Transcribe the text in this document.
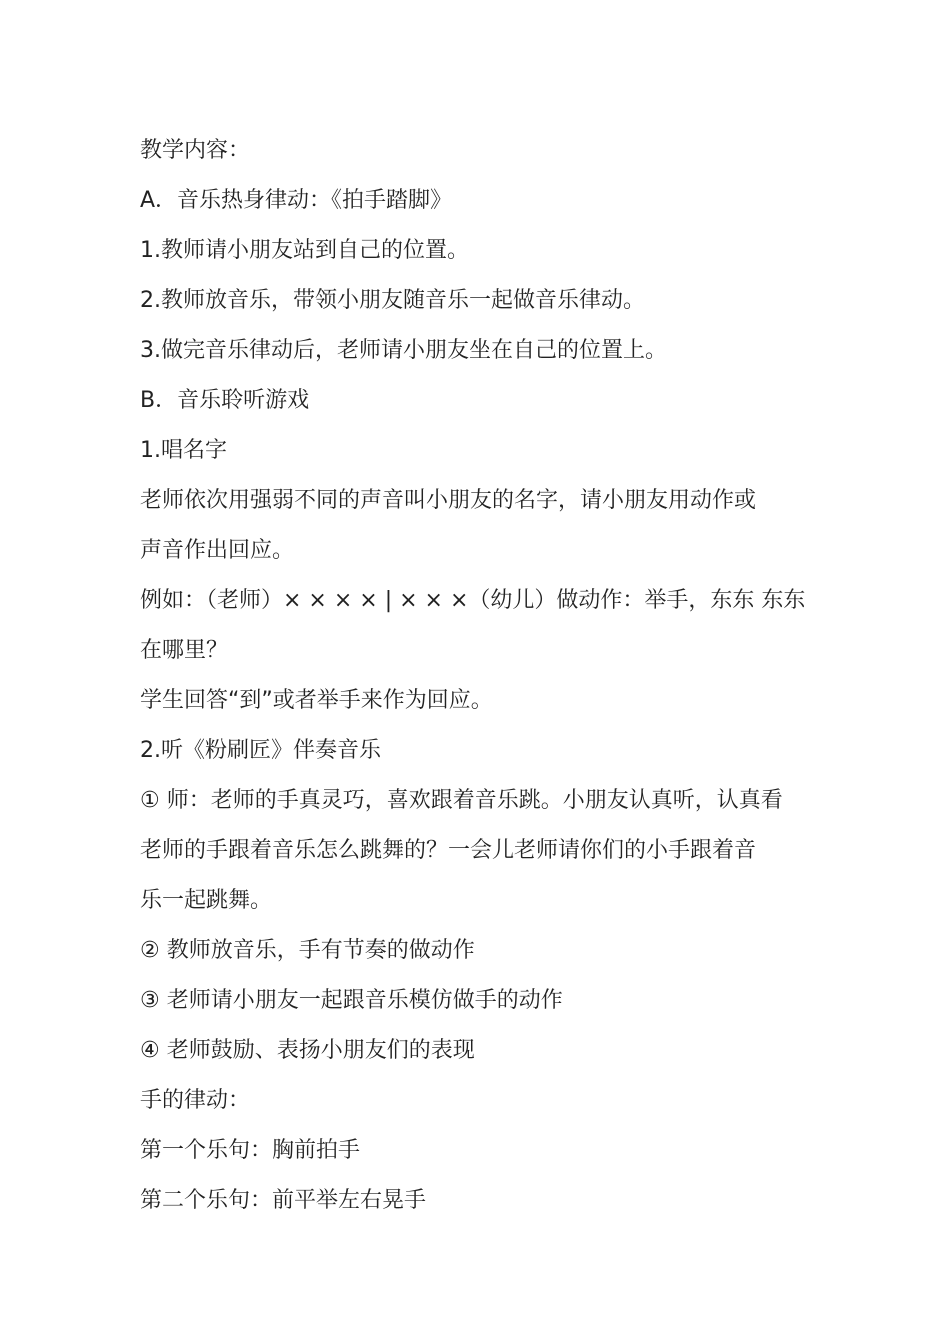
教学内容：

A．音乐热身律动：《拍手踏脚》

1.教师请小朋友站到自己的位置。

2.教师放音乐，带领小朋友随音乐一起做音乐律动。

3.做完音乐律动后，老师请小朋友坐在自己的位置上。

B．音乐聆听游戏

1.唱名字

老师依次用强弱不同的声音叫小朋友的名字，请小朋友用动作或

声音作出回应。

例如：（老师）× × × × | × × ×（幼儿）做动作：举手，东东 东东

在哪里？

学生回答“到”或者举手来作为回应。

2.听《粉刷匠》伴奏音乐

① 师：老师的手真灵巧，喜欢跟着音乐跳。小朋友认真听，认真看

老师的手跟着音乐怎么跳舞的？一会儿老师请你们的小手跟着音

乐一起跳舞。

② 教师放音乐，手有节奏的做动作

③ 老师请小朋友一起跟音乐模仿做手的动作

④ 老师鼓励、表扬小朋友们的表现

手的律动：

第一个乐句：胸前拍手

第二个乐句：前平举左右晃手
